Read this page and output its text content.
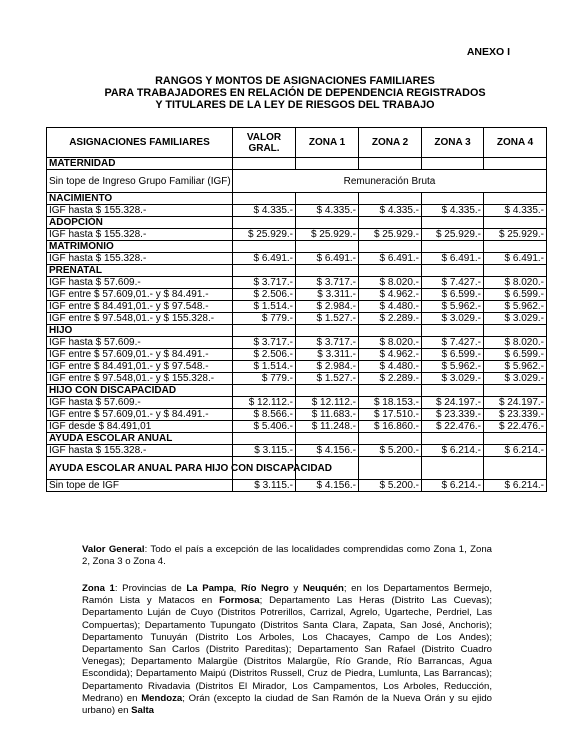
ANEXO I
RANGOS Y MONTOS DE ASIGNACIONES FAMILIARES
PARA TRABAJADORES EN RELACIÓN DE DEPENDENCIA REGISTRADOS
Y TITULARES DE LA LEY DE RIESGOS DEL TRABAJO
ASIGNACIONES FAMILIARES	VALOR GRAL.	ZONA 1	ZONA 2	ZONA 3	ZONA 4
MATERNIDAD					
Sin tope de Ingreso Grupo Familiar (IGF)	Remuneración Bruta				
NACIMIENTO					
IGF hasta $ 155.328.-	$ 4.335.-	$ 4.335.-	$ 4.335.-	$ 4.335.-	$ 4.335.-
ADOPCIÓN					
IGF hasta $ 155.328.-	$ 25.929.-	$ 25.929.-	$ 25.929.-	$ 25.929.-	$ 25.929.-
MATRIMONIO					
IGF hasta $ 155.328.-	$ 6.491.-	$ 6.491.-	$ 6.491.-	$ 6.491.-	$ 6.491.-
PRENATAL					
IGF hasta $ 57.609.-	$ 3.717.-	$ 3.717.-	$ 8.020.-	$ 7.427.-	$ 8.020.-
IGF entre $ 57.609,01.- y $ 84.491.-	$ 2.506.-	$ 3.311.-	$ 4.962.-	$ 6.599.-	$ 6.599.-
IGF entre $ 84.491,01.- y $ 97.548.-	$ 1.514.-	$ 2.984.-	$ 4.480.-	$ 5.962.-	$ 5.962.-
IGF entre $ 97.548,01.- y $ 155.328.-	$ 779.-	$ 1.527.-	$ 2.289.-	$ 3.029.-	$ 3.029.-
HIJO					
IGF hasta $ 57.609.-	$ 3.717.-	$ 3.717.-	$ 8.020.-	$ 7.427.-	$ 8.020.-
IGF entre $ 57.609,01.- y $ 84.491.-	$ 2.506.-	$ 3.311.-	$ 4.962.-	$ 6.599.-	$ 6.599.-
IGF entre $ 84.491,01.- y $ 97.548.-	$ 1.514.-	$ 2.984.-	$ 4.480.-	$ 5.962.-	$ 5.962.-
IGF entre $ 97.548,01.- y $ 155.328.-	$ 779.-	$ 1.527.-	$ 2.289.-	$ 3.029.-	$ 3.029.-
HIJO CON DISCAPACIDAD					
IGF hasta $ 57.609.-	$ 12.112.-	$ 12.112.-	$ 18.153.-	$ 24.197.-	$ 24.197.-
IGF entre $ 57.609,01.- y $ 84.491.-	$ 8.566.-	$ 11.683.-	$ 17.510.-	$ 23.339.-	$ 23.339.-
IGF desde $ 84.491,01	$ 5.406.-	$ 11.248.-	$ 16.860.-	$ 22.476.-	$ 22.476.-
AYUDA ESCOLAR ANUAL					
IGF hasta $ 155.328.-	$ 3.115.-	$ 4.156.-	$ 5.200.-	$ 6.214.-	$ 6.214.-
AYUDA ESCOLAR ANUAL PARA HIJO CON DISCAPACIDAD					
Sin tope de IGF	$ 3.115.-	$ 4.156.-	$ 5.200.-	$ 6.214.-	$ 6.214.-
Valor General: Todo el país a excepción de las localidades comprendidas como Zona 1, Zona 2, Zona 3 o Zona 4.
Zona 1: Provincias de La Pampa, Río Negro y Neuquén; en los Departamentos Bermejo, Ramón Lista y Matacos en Formosa; Departamento Las Heras (Distrito Las Cuevas); Departamento Luján de Cuyo (Distritos Potrerillos, Carrizal, Agrelo, Ugarteche, Perdriel, Las Compuertas); Departamento Tupungato (Distritos Santa Clara, Zapata, San José, Anchoris); Departamento Tunuyán (Distrito Los Arboles, Los Chacayes, Campo de Los Andes); Departamento San Carlos (Distrito Pareditas); Departamento San Rafael (Distrito Cuadro Venegas); Departamento Malargüe (Distritos Malargüe, Río Grande, Río Barrancas, Agua Escondida); Departamento Maipú (Distritos Russell, Cruz de Piedra, Lumlunta, Las Barrancas); Departamento Rivadavia (Distritos El Mirador, Los Campamentos, Los Arboles, Reducción, Medrano) en Mendoza; Orán (excepto la ciudad de San Ramón de la Nueva Orán y su ejido urbano) en Salta
